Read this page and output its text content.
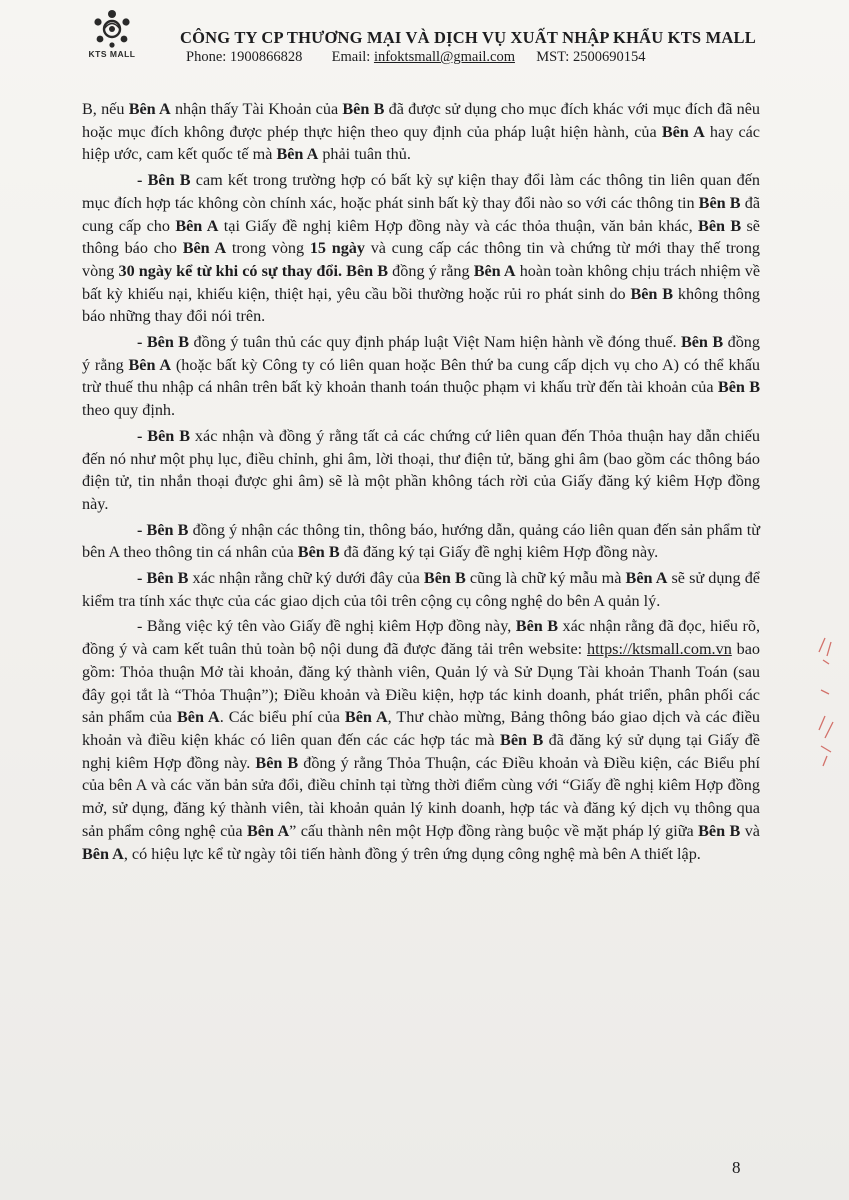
KTS MALL
CÔNG TY CP THƯƠNG MẠI VÀ DỊCH VỤ XUẤT NHẬP KHẨU KTS MALL
Phone: 1900866828 Email: infoktsmall@gmail.com MST: 2500690154

B, nếu Bên A nhận thấy Tài Khoản của Bên B đã được sử dụng cho mục đích khác với mục đích đã nêu hoặc mục đích không được phép thực hiện theo quy định của pháp luật hiện hành, của Bên A hay các hiệp ước, cam kết quốc tế mà Bên A phải tuân thủ.

- Bên B cam kết trong trường hợp có bất kỳ sự kiện thay đổi làm các thông tin liên quan đến mục đích hợp tác không còn chính xác, hoặc phát sinh bất kỳ thay đổi nào so với các thông tin Bên B đã cung cấp cho Bên A tại Giấy đề nghị kiêm Hợp đồng này và các thỏa thuận, văn bản khác, Bên B sẽ thông báo cho Bên A trong vòng 15 ngày và cung cấp các thông tin và chứng từ mới thay thế trong vòng 30 ngày kể từ khi có sự thay đổi. Bên B đồng ý rằng Bên A hoàn toàn không chịu trách nhiệm về bất kỳ khiếu nại, khiếu kiện, thiệt hại, yêu cầu bồi thường hoặc rủi ro phát sinh do Bên B không thông báo những thay đổi nói trên.

- Bên B đồng ý tuân thủ các quy định pháp luật Việt Nam hiện hành về đóng thuế. Bên B đồng ý rằng Bên A (hoặc bất kỳ Công ty có liên quan hoặc Bên thứ ba cung cấp dịch vụ cho A) có thể khấu trừ thuế thu nhập cá nhân trên bất kỳ khoản thanh toán thuộc phạm vi khấu trừ đến tài khoản của Bên B theo quy định.

- Bên B xác nhận và đồng ý rằng tất cả các chứng cứ liên quan đến Thỏa thuận hay dẫn chiếu đến nó như một phụ lục, điều chỉnh, ghi âm, lời thoại, thư điện tử, băng ghi âm (bao gồm các thông báo điện tử, tin nhắn thoại được ghi âm) sẽ là một phần không tách rời của Giấy đăng ký kiêm Hợp đồng này.

- Bên B đồng ý nhận các thông tin, thông báo, hướng dẫn, quảng cáo liên quan đến sản phẩm từ bên A theo thông tin cá nhân của Bên B đã đăng ký tại Giấy đề nghị kiêm Hợp đồng này.

- Bên B xác nhận rằng chữ ký dưới đây của Bên B cũng là chữ ký mẫu mà Bên A sẽ sử dụng để kiểm tra tính xác thực của các giao dịch của tôi trên cộng cụ công nghệ do bên A quản lý.

- Bằng việc ký tên vào Giấy đề nghị kiêm Hợp đồng này, Bên B xác nhận rằng đã đọc, hiểu rõ, đồng ý và cam kết tuân thủ toàn bộ nội dung đã được đăng tải trên website: https://ktsmall.com.vn bao gồm: Thỏa thuận Mở tài khoản, đăng ký thành viên, Quản lý và Sử Dụng Tài khoản Thanh Toán (sau đây gọi tắt là “Thỏa Thuận”); Điều khoản và Điều kiện, hợp tác kinh doanh, phát triển, phân phối các sản phẩm của Bên A. Các biểu phí của Bên A, Thư chào mừng, Bảng thông báo giao dịch và các điều khoản và điều kiện khác có liên quan đến các các hợp tác mà Bên B đã đăng ký sử dụng tại Giấy đề nghị kiêm Hợp đồng này. Bên B đồng ý rằng Thỏa Thuận, các Điều khoản và Điều kiện, các Biểu phí của bên A và các văn bản sửa đổi, điều chỉnh tại từng thời điểm cùng với “Giấy đề nghị kiêm Hợp đồng mở, sử dụng, đăng ký thành viên, tài khoản quản lý kinh doanh, hợp tác và đăng ký dịch vụ thông qua sản phẩm công nghệ của Bên A” cấu thành nên một Hợp đồng ràng buộc về mặt pháp lý giữa Bên B và Bên A, có hiệu lực kể từ ngày tôi tiến hành đồng ý trên ứng dụng công nghệ mà bên A thiết lập.

8
